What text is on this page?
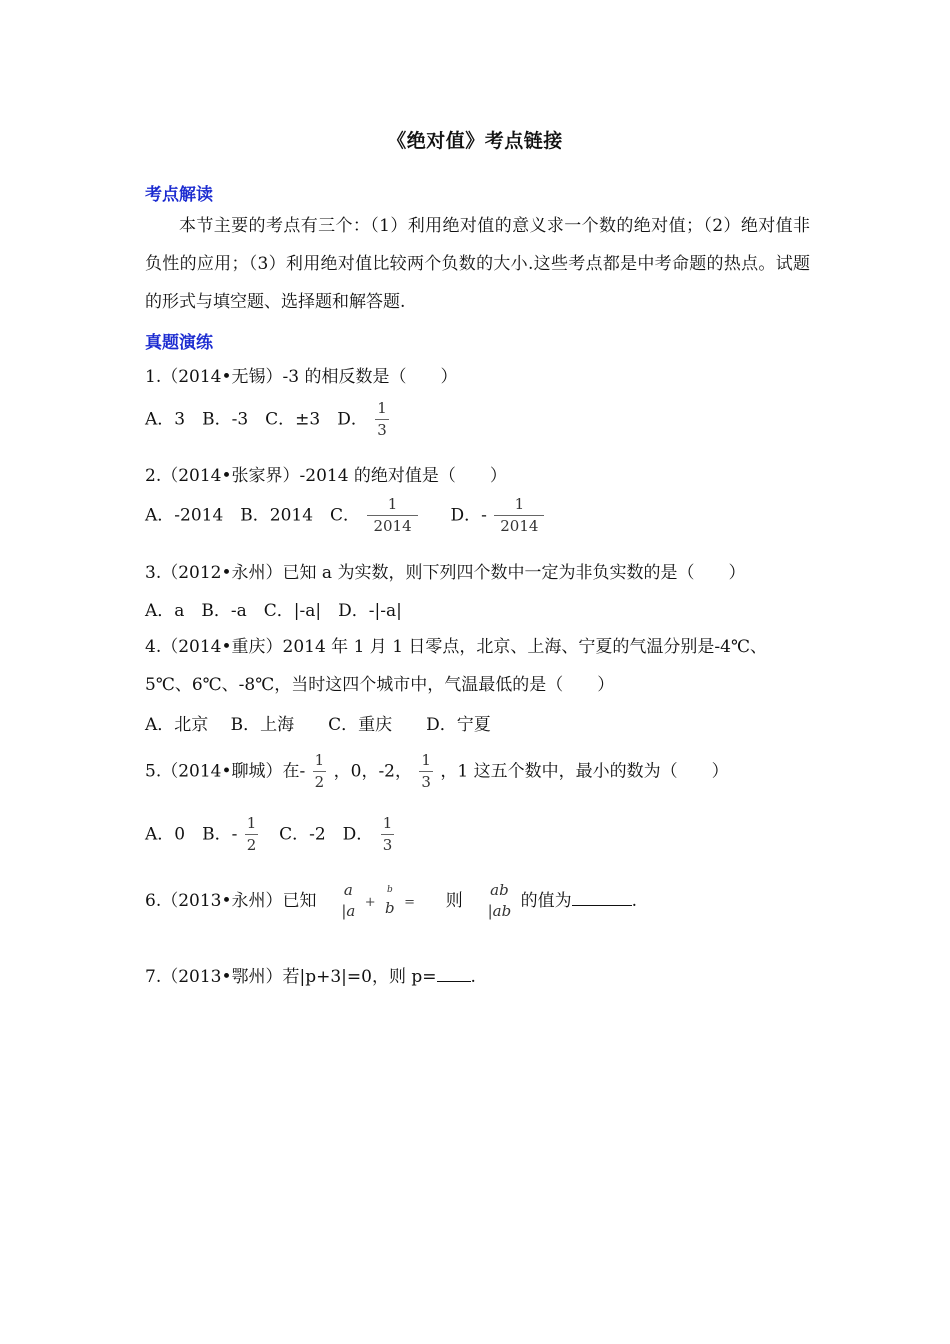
《绝对值》考点链接
考点解读
本节主要的考点有三个：（1）利用绝对值的意义求一个数的绝对值；（2）绝对值非负性的应用；（3）利用绝对值比较两个负数的大小.这些考点都是中考命题的热点。试题的形式与填空题、选择题和解答题.
真题演练
1.（2014•无锡）-3 的相反数是（　　）
A．3　B．-3　C．±3　D． $\frac{1}{3}$
2.（2014•张家界）-2014 的绝对值是（　　）
A．-2014　B．2014　C． $\frac{1}{2014}$ D．- $\frac{1}{2014}$
3.（2012•永州）已知 a 为实数，则下列四个数中一定为非负实数的是（　　）
A．a　B．-a　C．|-a|　D．-|-a|
4.（2014•重庆）2014 年 1 月 1 日零点，北京、上海、宁夏的气温分别是-4℃、
5℃、6℃、-8℃，当时这四个城市中，气温最低的是（　　）
A．北京　 B．上海　　C．重庆　　D．宁夏
5.（2014•聊城）在- $\frac{1}{2}$ ，0，-2， $\frac{1}{3}$ ，1 这五个数中，最小的数为（　　）
A．0　B．- $\frac{1}{2}$ C．-2　D． $\frac{1}{3}$
6.（2013•永州）已知
a
|a +
b
b = 则
ab
|ab
的值为	.
7.（2013•鄂州）若|p+3|=0，则 p= .
